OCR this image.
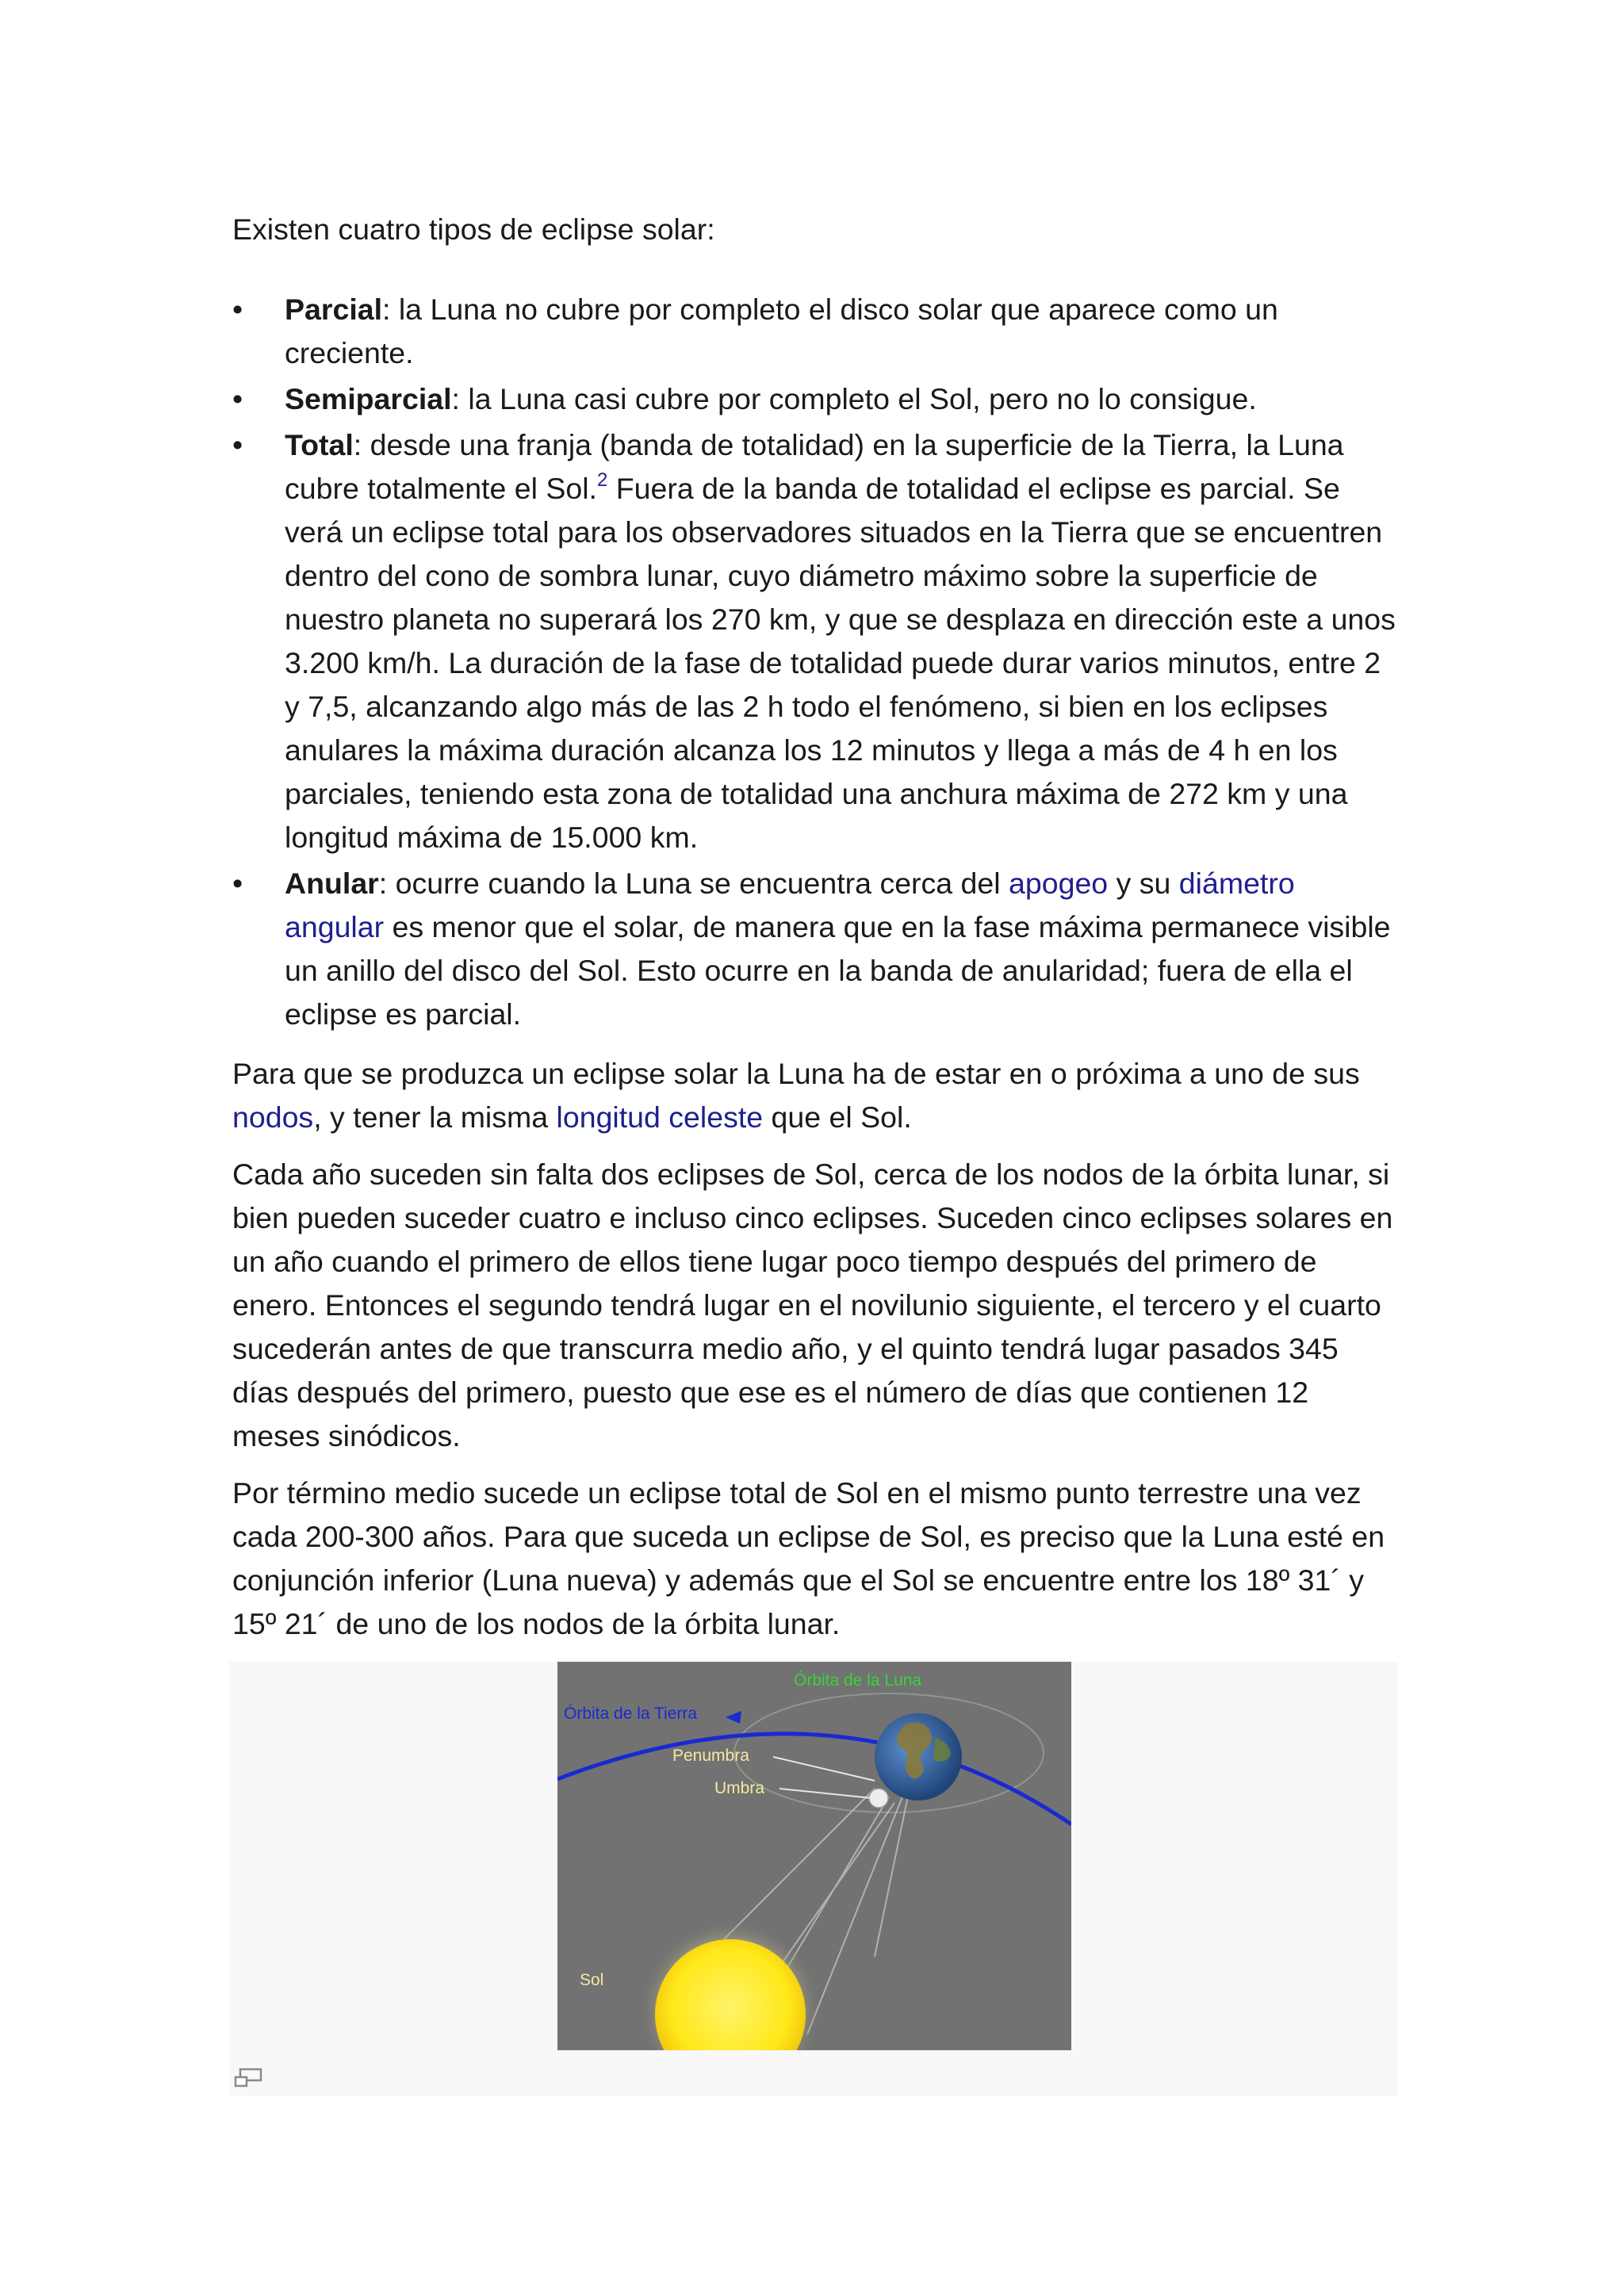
Existen cuatro tipos de eclipse solar:

• Parcial: la Luna no cubre por completo el disco solar que aparece como un creciente.
• Semiparcial: la Luna casi cubre por completo el Sol, pero no lo consigue.
• Total: desde una franja (banda de totalidad) en la superficie de la Tierra, la Luna cubre totalmente el Sol.$^2$ Fuera de la banda de totalidad el eclipse es parcial. Se verá un eclipse total para los observadores situados en la Tierra que se encuentren dentro del cono de sombra lunar, cuyo diámetro máximo sobre la superficie de nuestro planeta no superará los 270 km, y que se desplaza en dirección este a unos 3.200 km/h. La duración de la fase de totalidad puede durar varios minutos, entre 2 y 7,5, alcanzando algo más de las 2 h todo el fenómeno, si bien en los eclipses anulares la máxima duración alcanza los 12 minutos y llega a más de 4 h en los parciales, teniendo esta zona de totalidad una anchura máxima de 272 km y una longitud máxima de 15.000 km.
• Anular: ocurre cuando la Luna se encuentra cerca del apogeo y su diámetro angular es menor que el solar, de manera que en la fase máxima permanece visible un anillo del disco del Sol. Esto ocurre en la banda de anularidad; fuera de ella el eclipse es parcial.

Para que se produzca un eclipse solar la Luna ha de estar en o próxima a uno de sus nodos, y tener la misma longitud celeste que el Sol.

Cada año suceden sin falta dos eclipses de Sol, cerca de los nodos de la órbita lunar, si bien pueden suceder cuatro e incluso cinco eclipses. Suceden cinco eclipses solares en un año cuando el primero de ellos tiene lugar poco tiempo después del primero de enero. Entonces el segundo tendrá lugar en el novilunio siguiente, el tercero y el cuarto sucederán antes de que transcurra medio año, y el quinto tendrá lugar pasados 345 días después del primero, puesto que ese es el número de días que contienen 12 meses sinódicos.

Por término medio sucede un eclipse total de Sol en el mismo punto terrestre una vez cada 200-300 años. Para que suceda un eclipse de Sol, es preciso que la Luna esté en conjunción inferior (Luna nueva) y además que el Sol se encuentre entre los 18º 31´ y 15º 21´ de uno de los nodos de la órbita lunar.

Órbita de la Luna
Órbita de la Tierra
Penumbra
Umbra
Sol
